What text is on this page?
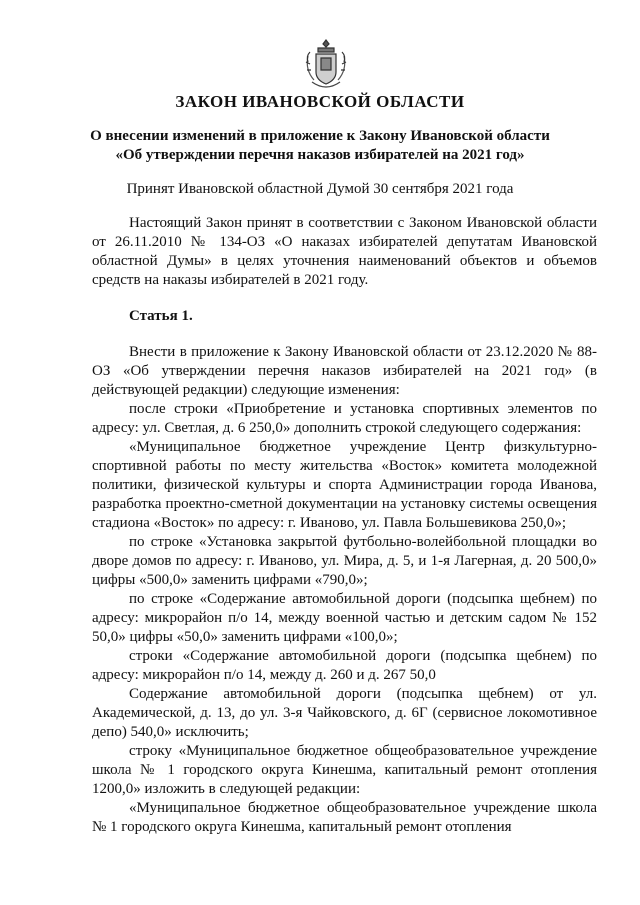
ЗАКОН ИВАНОВСКОЙ ОБЛАСТИ
О внесении изменений в приложение к Закону Ивановской области
«Об утверждении перечня наказов избирателей на 2021 год»
Принят Ивановской областной Думой 30 сентября 2021 года

Настоящий Закон принят в соответствии с Законом Ивановской области от 26.11.2010 № 134-ОЗ «О наказах избирателей депутатам Ивановской областной Думы» в целях уточнения наименований объектов и объемов средств на наказы избирателей в 2021 году.

Статья 1.

Внести в приложение к Закону Ивановской области от 23.12.2020 № 88-ОЗ «Об утверждении перечня наказов избирателей на 2021 год» (в действующей редакции) следующие изменения:

после строки «Приобретение и установка спортивных элементов по адресу: ул. Светлая, д. 6 250,0» дополнить строкой следующего содержания:

«Муниципальное бюджетное учреждение Центр физкультурно-спортивной работы по месту жительства «Восток» комитета молодежной политики, физической культуры и спорта Администрации города Иванова, разработка проектно-сметной документации на установку системы освещения стадиона «Восток» по адресу: г. Иваново, ул. Павла Большевикова 250,0»;

по строке «Установка закрытой футбольно-волейбольной площадки во дворе домов по адресу: г. Иваново, ул. Мира, д. 5, и 1-я Лагерная, д. 20 500,0» цифры «500,0» заменить цифрами «790,0»;

по строке «Содержание автомобильной дороги (подсыпка щебнем) по адресу: микрорайон п/о 14, между военной частью и детским садом № 152 50,0» цифры «50,0» заменить цифрами «100,0»;

строки «Содержание автомобильной дороги (подсыпка щебнем) по адресу: микрорайон п/о 14, между д. 260 и д. 267 50,0

Содержание автомобильной дороги (подсыпка щебнем) от ул. Академической, д. 13, до ул. 3-я Чайковского, д. 6Г (сервисное локомотивное депо) 540,0» исключить;

строку «Муниципальное бюджетное общеобразовательное учреждение школа № 1 городского округа Кинешма, капитальный ремонт отопления 1200,0» изложить в следующей редакции:

«Муниципальное бюджетное общеобразовательное учреждение школа № 1 городского округа Кинешма, капитальный ремонт отопления
